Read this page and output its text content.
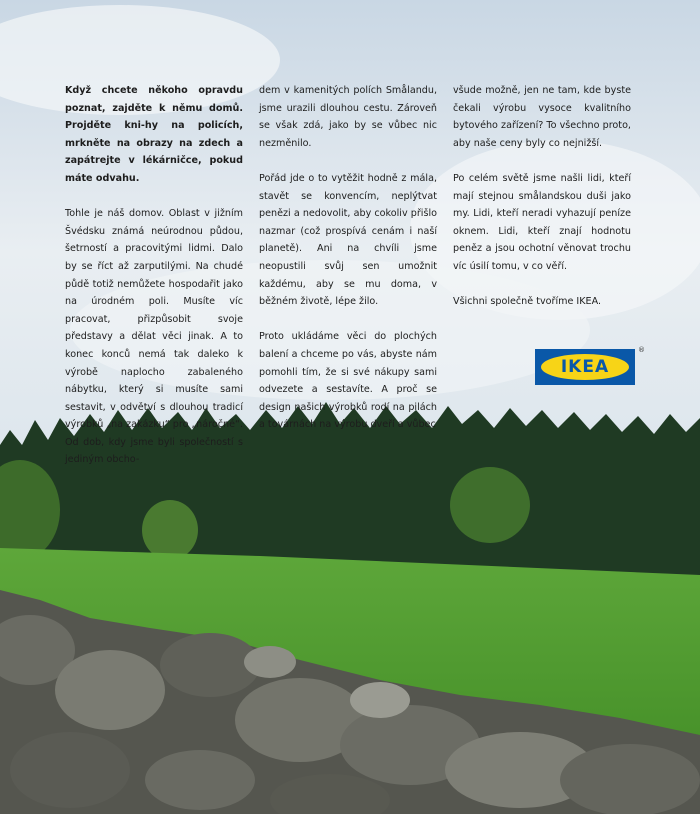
Když chcete někoho opravdu poznat, zajděte k němu domů. Projděte kni-hy na policích, mrkněte na obrazy na zdech a zapátrejte v lékárničce, pokud máte odvahu.

Tohle je náš domov. Oblast v jižním Švédsku známá neúrodnou půdou, šetrností a pracovitými lidmi. Dalo by se říct až zarputilými. Na chudé půdě totiž nemůžete hospodařit jako na úrodném poli. Musíte víc pracovat, přizpůsobit svoje představy a dělat věci jinak. A to konec konců nemá tak daleko k výrobě naplocho zabaleného nábytku, který si musíte sami sestavit, v odvětví s dlouhou tradicí výrobků „na zakázku“ pro „náročné“. Od dob, kdy jsme byli společností s jediným obcho-

dem v kamenitých polích Smålandu, jsme urazili dlouhou cestu. Zároveň se však zdá, jako by se vůbec nic nezměnilo.

Pořád jde o to vytěžit hodně z mála, stavět se konvencím, neplýtvat penězi a nedovolit, aby cokoliv přišlo nazmar (což prospívá cenám i naší planetě). Ani na chvíli jsme neopustili svůj sen umožnit každému, aby se mu doma, v běžném životě, lépe žilo.

Proto ukládáme věci do plochých balení a chceme po vás, abyste nám pomohli tím, že si své nákupy sami odvezete a sestavíte. A proč se design našich výrobků rodí na pilách a továrnách na výrobu dveří a vůbec

všude možně, jen ne tam, kde byste čekali výrobu vysoce kvalitního bytového zařízení? To všechno proto, aby naše ceny byly co nejnižší.

Po celém světě jsme našli lidi, kteří mají stejnou smålandskou duši jako my. Lidi, kteří neradi vyhazují peníze oknem. Lidi, kteří znají hodnotu peněz a jsou ochotní věnovat trochu víc úsilí tomu, v co věří.

Všichni společně tvoříme IKEA.

IKEA
®
